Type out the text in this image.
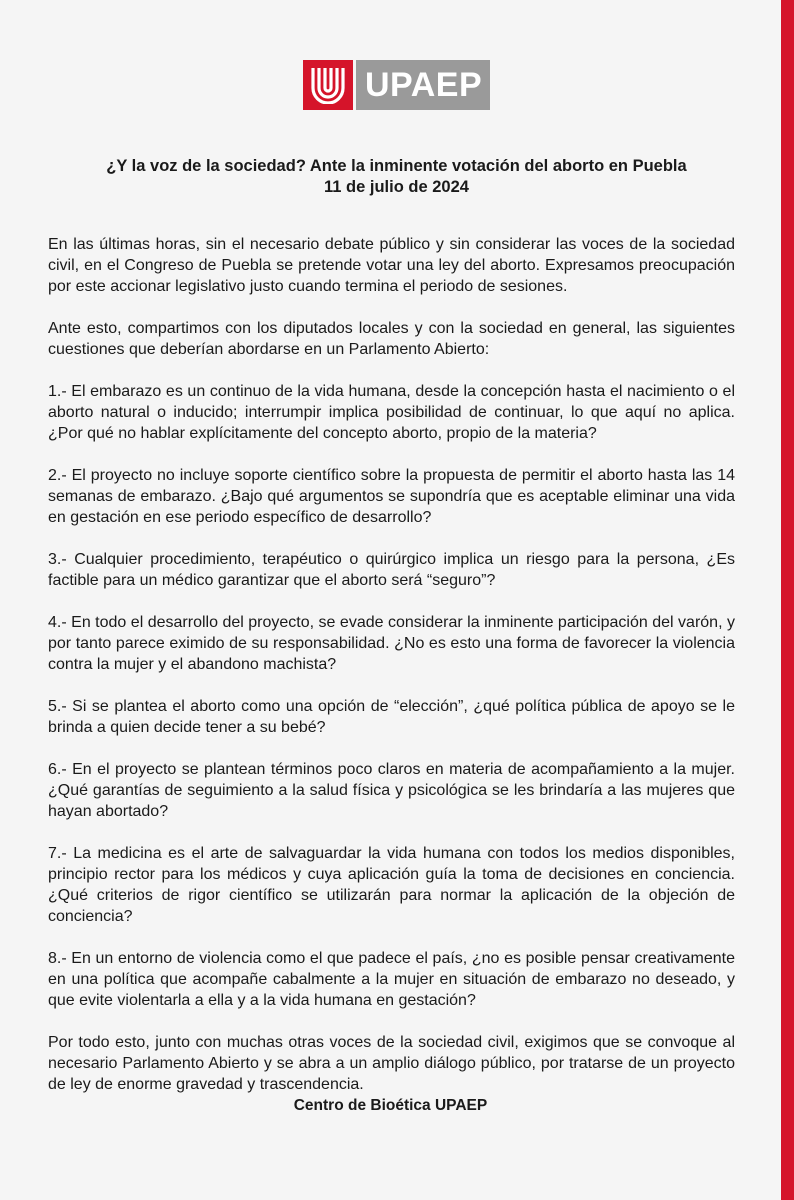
UPAEP
¿Y la voz de la sociedad? Ante la inminente votación del aborto en Puebla
11 de julio de 2024

En las últimas horas, sin el necesario debate público y sin considerar las voces de la sociedad civil, en el Congreso de Puebla se pretende votar una ley del aborto. Expresamos preocupación por este accionar legislativo justo cuando termina el periodo de sesiones.

Ante esto, compartimos con los diputados locales y con la sociedad en general, las siguientes cuestiones que deberían abordarse en un Parlamento Abierto:

1.- El embarazo es un continuo de la vida humana, desde la concepción hasta el nacimiento o el aborto natural o inducido; interrumpir implica posibilidad de continuar, lo que aquí no aplica. ¿Por qué no hablar explícitamente del concepto aborto, propio de la materia?

2.- El proyecto no incluye soporte científico sobre la propuesta de permitir el aborto hasta las 14 semanas de embarazo. ¿Bajo qué argumentos se supondría que es aceptable eliminar una vida en gestación en ese periodo específico de desarrollo?

3.- Cualquier procedimiento, terapéutico o quirúrgico implica un riesgo para la persona, ¿Es factible para un médico garantizar que el aborto será “seguro”?

4.- En todo el desarrollo del proyecto, se evade considerar la inminente participación del varón, y por tanto parece eximido de su responsabilidad. ¿No es esto una forma de favorecer la violencia contra la mujer y el abandono machista?

5.- Si se plantea el aborto como una opción de “elección”, ¿qué política pública de apoyo se le brinda a quien decide tener a su bebé?

6.- En el proyecto se plantean términos poco claros en materia de acompañamiento a la mujer. ¿Qué garantías de seguimiento a la salud física y psicológica se les brindaría a las mujeres que hayan abortado?

7.- La medicina es el arte de salvaguardar la vida humana con todos los medios disponibles, principio rector para los médicos y cuya aplicación guía la toma de decisiones en conciencia. ¿Qué criterios de rigor científico se utilizarán para normar la aplicación de la objeción de conciencia?

8.- En un entorno de violencia como el que padece el país, ¿no es posible pensar creativamente en una política que acompañe cabalmente a la mujer en situación de embarazo no deseado, y que evite violentarla a ella y a la vida humana en gestación?

Por todo esto, junto con muchas otras voces de la sociedad civil, exigimos que se convoque al necesario Parlamento Abierto y se abra a un amplio diálogo público, por tratarse de un proyecto de ley de enorme gravedad y trascendencia.

Centro de Bioética UPAEP
